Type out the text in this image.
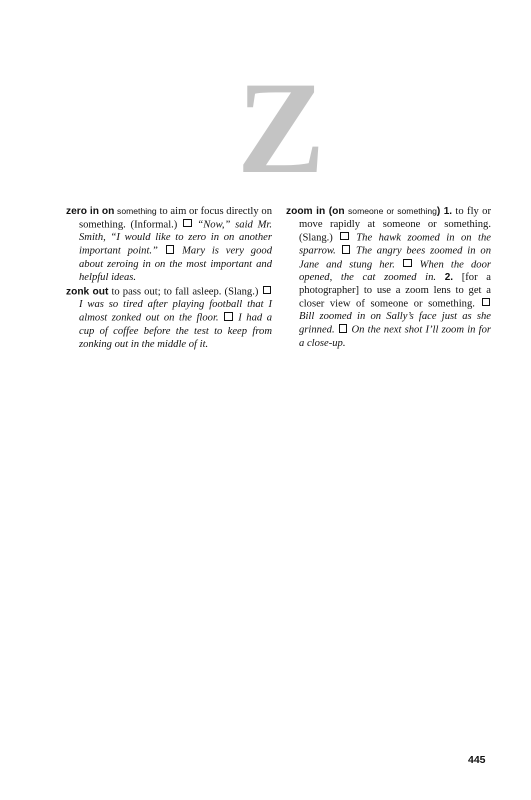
Z

zero in on something to aim or focus directly on something. (Informal.) “Now,” said Mr. Smith, “I would like to zero in on another important point.” Mary is very good about zeroing in on the most important and helpful ideas.

zonk out to pass out; to fall asleep. (Slang.)  I was so tired after playing football that I almost zonked out on the floor. I had a cup of coffee before the test to keep from zonking out in the middle of it.

zoom in (on someone or something) 1. to fly or move rapidly at someone or something. (Slang.) The hawk zoomed in on the sparrow. The angry bees zoomed in on Jane and stung her. When the door opened, the cat zoomed in. 2. [for a photographer] to use a zoom lens to get a closer view of someone or something.  Bill zoomed in on Sally’s face just as she grinned. On the next shot I’ll zoom in for a close-up.

445
